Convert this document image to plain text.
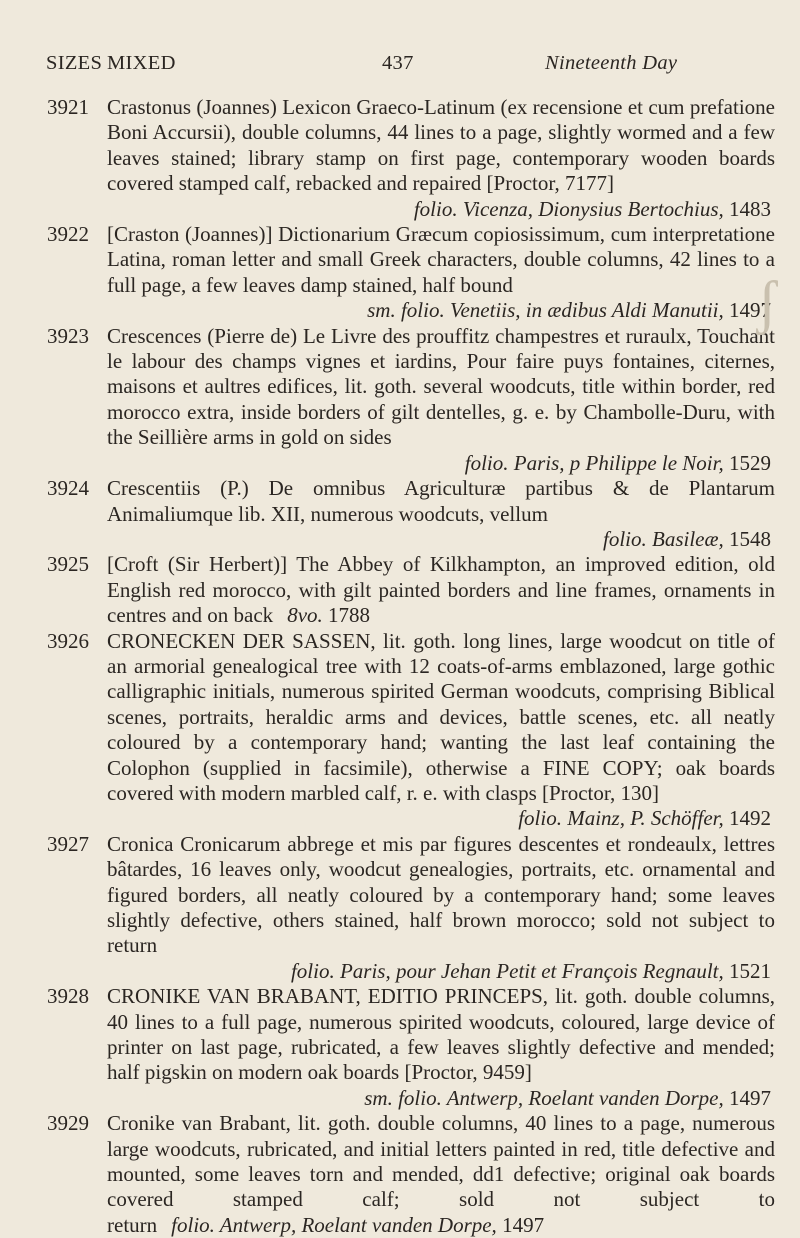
SIZES MIXED	437	Nineteenth Day
3921 Crastonus (Joannes) Lexicon Graeco-Latinum (ex recensione et cum prefatione Boni Accursii), double columns, 44 lines to a page, slightly wormed and a few leaves stained; library stamp on first page, contemporary wooden boards covered stamped calf, rebacked and repaired [Proctor, 7177]
folio. Vicenza, Dionysius Bertochius, 1483
3922 [Craston (Joannes)] Dictionarium Græcum copiosissimum, cum interpretatione Latina, roman letter and small Greek characters, double columns, 42 lines to a full page, a few leaves damp stained, half bound
sm. folio. Venetiis, in ædibus Aldi Manutii, 1497
3923 Crescences (Pierre de) Le Livre des prouffitz champestres et ruraulx, Touchant le labour des champs vignes et iardins, Pour faire puys fontaines, citernes, maisons et aultres edifices, lit. goth. several woodcuts, title within border, red morocco extra, inside borders of gilt dentelles, g. e. by Chambolle-Duru, with the Seillière arms in gold on sides
folio. Paris, p Philippe le Noir, 1529
3924 Crescentiis (P.) De omnibus Agriculturæ partibus & de Plantarum Animaliumque lib. XII, numerous woodcuts, vellum
folio. Basileæ, 1548
3925 [Croft (Sir Herbert)] The Abbey of Kilkhampton, an improved edition, old English red morocco, with gilt painted borders and line frames, ornaments in centres and on back 8vo. 1788
3926 CRONECKEN DER SASSEN, lit. goth. long lines, large woodcut on title of an armorial genealogical tree with 12 coats-of-arms emblazoned, large gothic calligraphic initials, numerous spirited German woodcuts, comprising Biblical scenes, portraits, heraldic arms and devices, battle scenes, etc. all neatly coloured by a contemporary hand; wanting the last leaf containing the Colophon (supplied in facsimile), otherwise a FINE COPY; oak boards covered with modern marbled calf, r. e. with clasps [Proctor, 130]
folio. Mainz, P. Schöffer, 1492
3927 Cronica Cronicarum abbrege et mis par figures descentes et rondeaulx, lettres bâtardes, 16 leaves only, woodcut genealogies, portraits, etc. ornamental and figured borders, all neatly coloured by a contemporary hand; some leaves slightly defective, others stained, half brown morocco; sold not subject to return
folio. Paris, pour Jehan Petit et François Regnault, 1521
3928 CRONIKE VAN BRABANT, EDITIO PRINCEPS, lit. goth. double columns, 40 lines to a full page, numerous spirited woodcuts, coloured, large device of printer on last page, rubricated, a few leaves slightly defective and mended; half pigskin on modern oak boards [Proctor, 9459]
sm. folio. Antwerp, Roelant vanden Dorpe, 1497
3929 Cronike van Brabant, lit. goth. double columns, 40 lines to a page, numerous large woodcuts, rubricated, and initial letters painted in red, title defective and mounted, some leaves torn and mended, dd1 defective; original oak boards covered stamped calf; sold not subject to return folio. Antwerp, Roelant vanden Dorpe, 1497
ʃ
